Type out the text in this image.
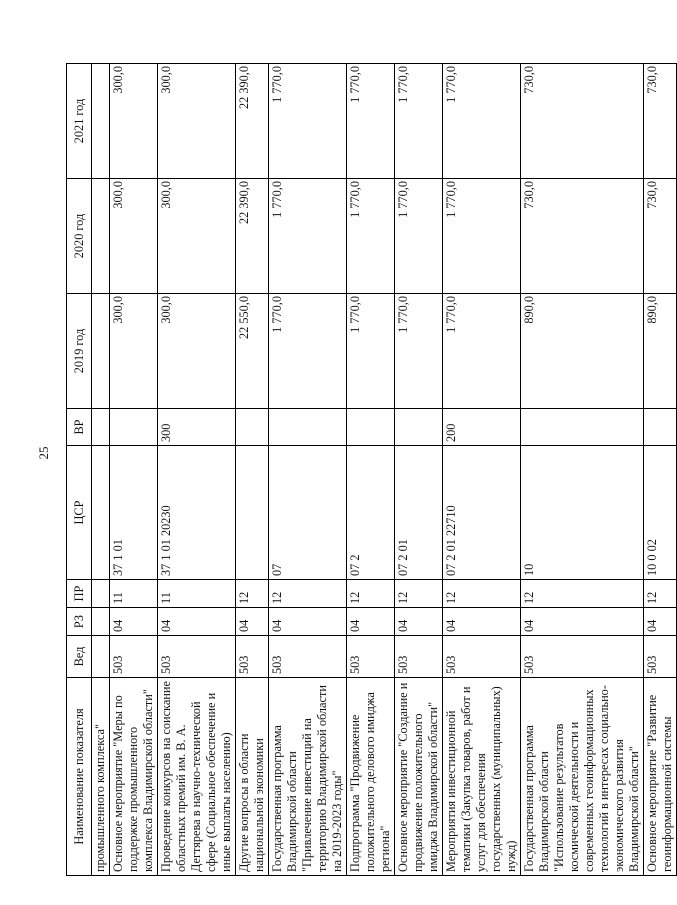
25
Наименование показателя	Вед	РЗ	ПР	ЦСР	ВР	2019 год	2020 год	2021 год
промышленного комплекса"								
Основное мероприятие "Меры по поддержке промышленного комплекса Владимирской области"	503	04	11	37 1 01		300,0	300,0	300,0
Проведение конкурсов на соискание областных премий им. В. А. Дегтярева в научно-технической сфере (Социальное обеспечение и иные выплаты населению)	503	04	11	37 1 01 20230	300	300,0	300,0	300,0
Другие вопросы в области национальной экономики	503	04	12			22 550,0	22 390,0	22 390,0
Государственная программа Владимирской области "Привлечение инвестиций на территорию Владимирской области на 2019-2023 годы"	503	04	12	07		1 770,0	1 770,0	1 770,0
Подпрограмма "Продвижение положительного делового имиджа региона"	503	04	12	07 2		1 770,0	1 770,0	1 770,0
Основное мероприятие "Создание и продвижение положительного имиджа Владимирской области"	503	04	12	07 2 01		1 770,0	1 770,0	1 770,0
Мероприятия инвестиционной тематики (Закупка товаров, работ и услуг для обеспечения государственных (муниципальных) нужд)	503	04	12	07 2 01 22710	200	1 770,0	1 770,0	1 770,0
Государственная программа Владимирской области "Использование результатов космической деятельности и современных геоинформационных технологий в интересах социально-экономического развития Владимирской области"	503	04	12	10		890,0	730,0	730,0
Основное мероприятие "Развитие геоинформационной системы	503	04	12	10 0 02		890,0	730,0	730,0
